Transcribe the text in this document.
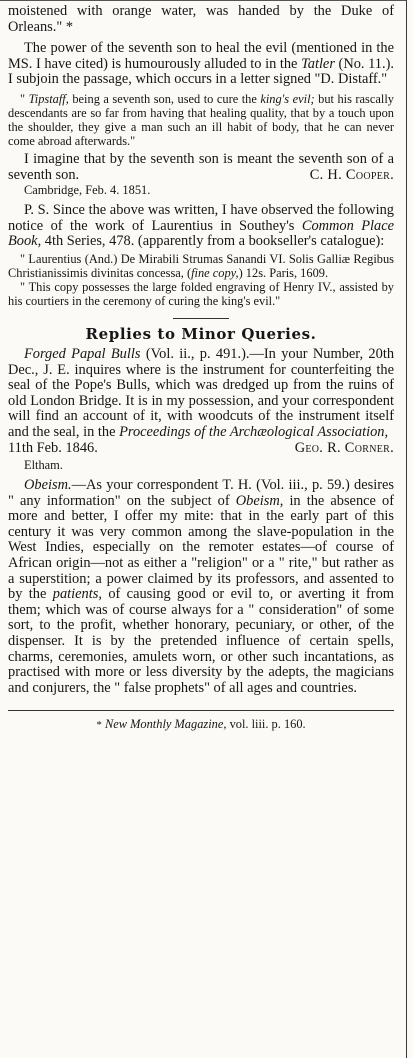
moistened with orange water, was handed by the Duke of Orleans." *

The power of the seventh son to heal the evil (mentioned in the MS. I have cited) is humourously alluded to in the Tatler (No. 11.). I subjoin the passage, which occurs in a letter signed "D. Distaff."

" Tipstaff, being a seventh son, used to cure the king's evil; but his rascally descendants are so far from having that healing quality, that by a touch upon the shoulder, they give a man such an ill habit of body, that he can never come abroad afterwards."

I imagine that by the seventh son is meant the seventh son of a seventh son.	C. H. Cooper.

Cambridge, Feb. 4. 1851.

P. S. Since the above was written, I have observed the following notice of the work of Laurentius in Southey's Common Place Book, 4th Series, 478. (apparently from a bookseller's catalogue):

" Laurentius (And.) De Mirabili Strumas Sanandi VI. Solis Galliæ Regibus Christianissimis divinitas concessa, (fine copy,) 12s. Paris, 1609.

" This copy possesses the large folded engraving of Henry IV., assisted by his courtiers in the ceremony of curing the king's evil."

Replies to Minor Queries.

Forged Papal Bulls (Vol. ii., p. 491.).—In your Number, 20th Dec., J. E. inquires where is the instrument for counterfeiting the seal of the Pope's Bulls, which was dredged up from the ruins of old London Bridge. It is in my possession, and your correspondent will find an account of it, with woodcuts of the instrument itself and the seal, in the Proceedings of the Archæological Association,

11th Feb. 1846.	Geo. R. Corner.

Eltham.

Obeism.—As your correspondent T. H. (Vol. iii., p. 59.) desires " any information" on the subject of Obeism, in the absence of more and better, I offer my mite: that in the early part of this century it was very common among the slave-population in the West Indies, especially on the remoter estates—of course of African origin—not as either a "religion" or a " rite," but rather as a superstition; a power claimed by its professors, and assented to by the patients, of causing good or evil to, or averting it from them; which was of course always for a " consideration" of some sort, to the profit, whether honorary, pecuniary, or other, of the dispenser. It is by the pretended influence of certain spells, charms, ceremonies, amulets worn, or other such incantations, as practised with more or less diversity by the adepts, the magicians and conjurers, the " false prophets" of all ages and countries.

* New Monthly Magazine, vol. liii. p. 160.
